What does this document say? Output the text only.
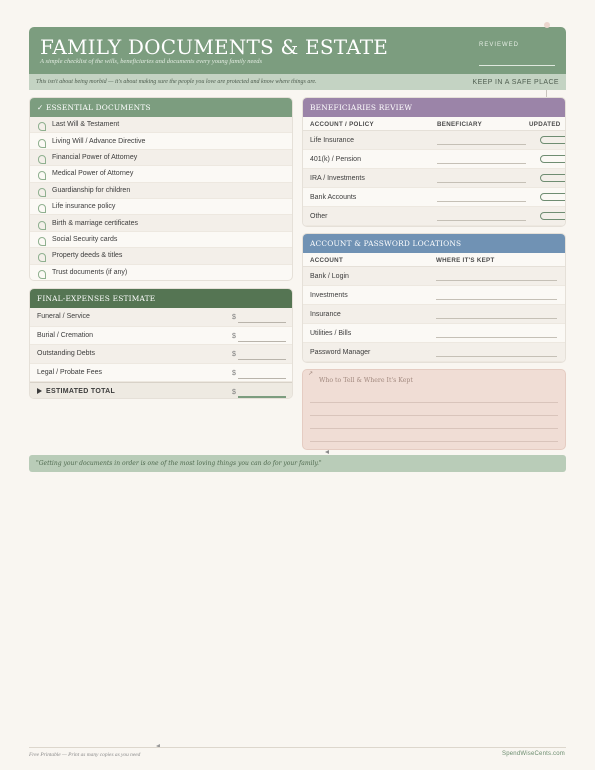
FAMILY DOCUMENTS & ESTATE
A simple checklist of the wills, beneficiaries and documents every young family needs
REVIEWED
This isn't about being morbid — it's about making sure the people you love are protected and know where things are.	KEEP IN A SAFE PLACE
✓ ESSENTIAL DOCUMENTS
Last Will & Testament
Living Will / Advance Directive
Financial Power of Attorney
Medical Power of Attorney
Guardianship for children
Life insurance policy
Birth & marriage certificates
Social Security cards
Property deeds & titles
Trust documents (if any)
FINAL-EXPENSES ESTIMATE
Funeral / Service	$
Burial / Cremation	$
Outstanding Debts	$
Legal / Probate Fees	$
ESTIMATED TOTAL	$
BENEFICIARIES REVIEW
ACCOUNT / POLICY	BENEFICIARY	UPDATED
Life Insurance
401(k) / Pension
IRA / Investments
Bank Accounts
Other
ACCOUNT & PASSWORD LOCATIONS
ACCOUNT	WHERE IT'S KEPT
Bank / Login
Investments
Insurance
Utilities / Bills
Password Manager
↗
Who to Tell & Where It's Kept
"Getting your documents in order is one of the most loving things you can do for your family."
Free Printable — Print as many copies as you need	SpendWiseCents.com
